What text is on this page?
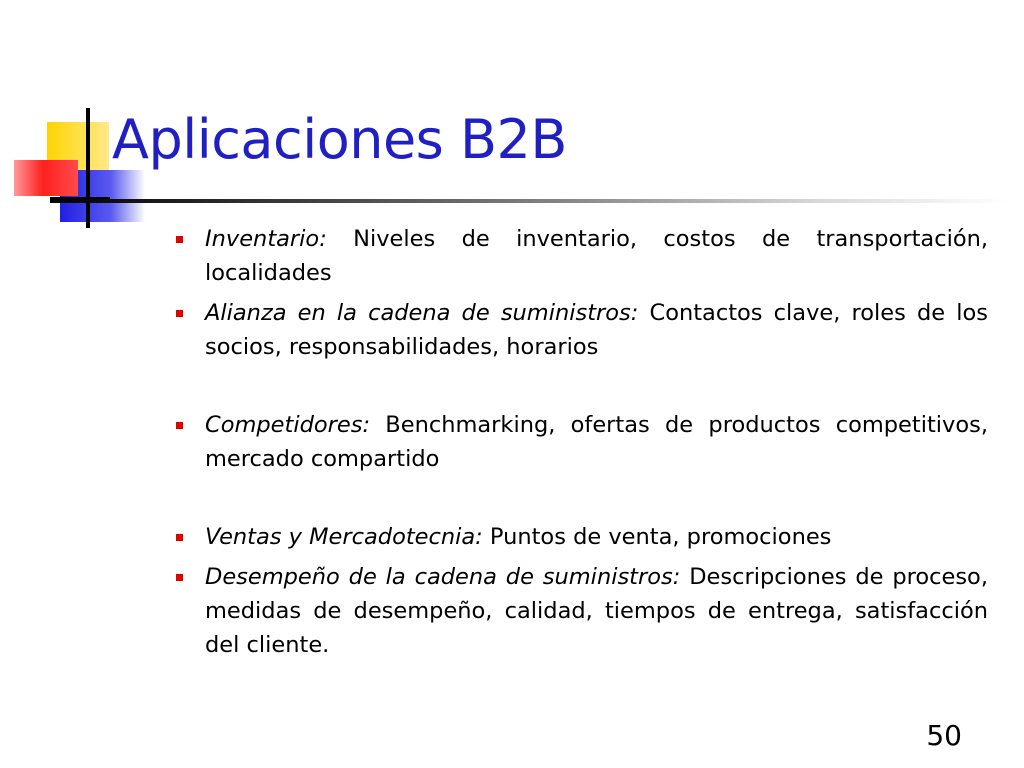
Aplicaciones B2B
Inventario: Niveles de inventario, costos de transportación, localidades
Alianza en la cadena de suministros: Contactos clave, roles de los socios, responsabilidades, horarios
Competidores: Benchmarking, ofertas de productos competitivos, mercado compartido
Ventas y Mercadotecnia: Puntos de venta, promociones
Desempeño de la cadena de suministros: Descripciones de proceso, medidas de desempeño, calidad, tiempos de entrega, satisfacción del cliente.
50
